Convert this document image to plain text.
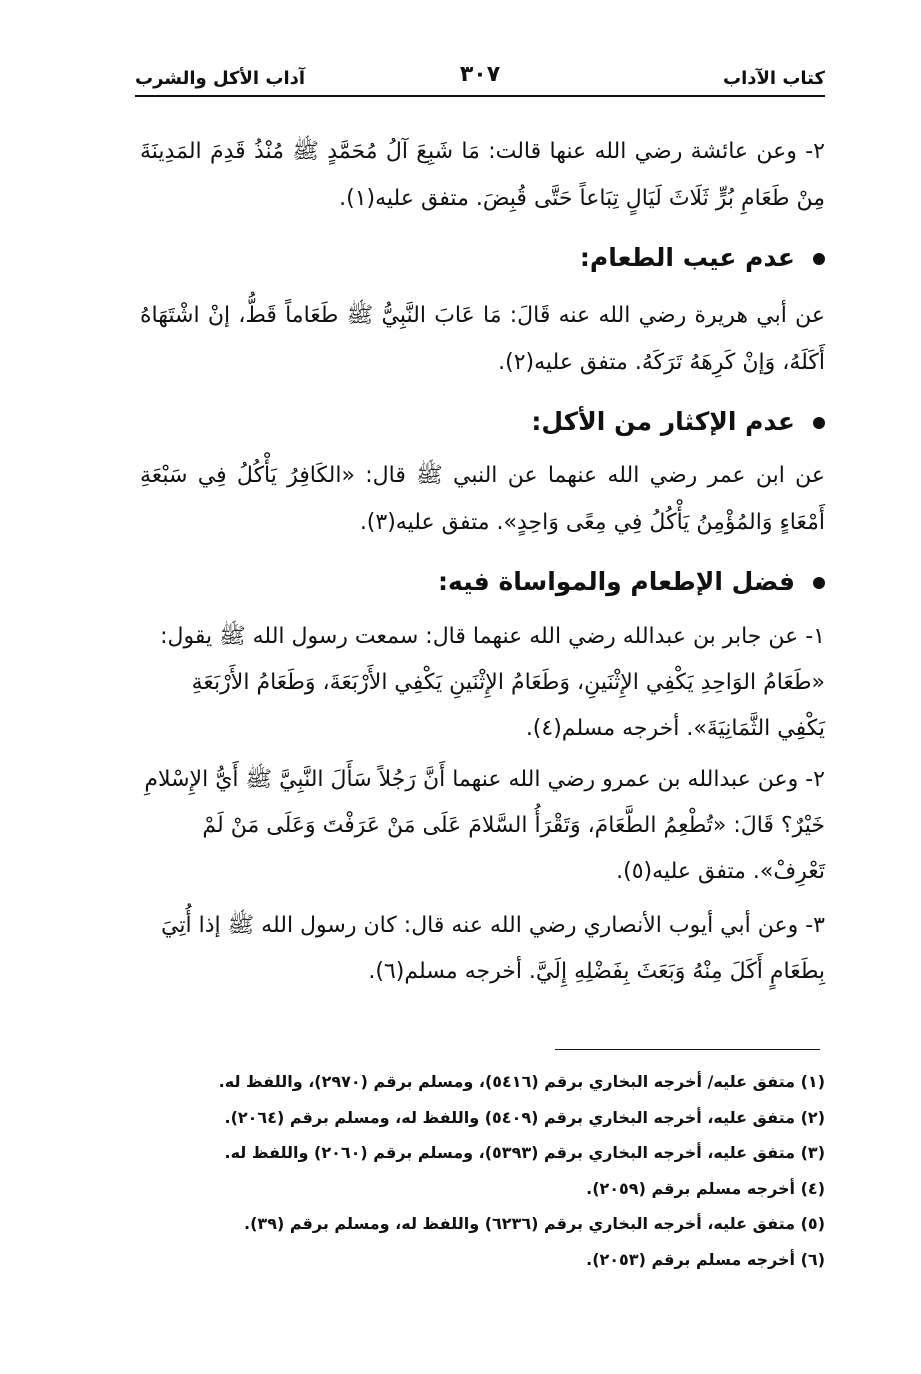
كتاب الآداب
٣٠٧
آداب الأكل والشرب
٢- وعن عائشة رضي الله عنها قالت: مَا شَبِعَ آلُ مُحَمَّدٍ ﷺ مُنْذُ قَدِمَ المَدِينَةَ مِنْ طَعَامِ بُرٍّ ثَلَاثَ لَيَالٍ تِبَاعاً حَتَّى قُبِضَ. متفق عليه(١).
عدم عيب الطعام:
عن أبي هريرة رضي الله عنه قَالَ: مَا عَابَ النَّبِيُّ ﷺ طَعَاماً قَطُّ، إنْ اشْتَهَاهُ أَكَلَهُ، وَإنْ كَرِهَهُ تَرَكَهُ. متفق عليه(٢).
عدم الإكثار من الأكل:
عن ابن عمر رضي الله عنهما عن النبي ﷺ قال: «الكَافِرُ يَأْكُلُ فِي سَبْعَةِ أَمْعَاءٍ وَالمُؤْمِنُ يَأْكُلُ فِي مِعًى وَاحِدٍ». متفق عليه(٣).
فضل الإطعام والمواساة فيه:
١- عن جابر بن عبدالله رضي الله عنهما قال: سمعت رسول الله ﷺ يقول: «طَعَامُ الوَاحِدِ يَكْفِي الإِثْنَينِ، وَطَعَامُ الإِثْنَينِ يَكْفِي الأَرْبَعَةَ، وَطَعَامُ الأَرْبَعَةِ يَكْفِي الثَّمَانِيَةَ». أخرجه مسلم(٤).
٢- وعن عبدالله بن عمرو رضي الله عنهما أَنَّ رَجُلاً سَأَلَ النَّبِيَّ ﷺ أَيُّ الإِسْلامِ خَيْرٌ؟ قَالَ: «تُطْعِمُ الطَّعَامَ، وَتَقْرَأُ السَّلامَ عَلَى مَنْ عَرَفْتَ وَعَلَى مَنْ لَمْ تَعْرِفْ». متفق عليه(٥).
٣- وعن أبي أيوب الأنصاري رضي الله عنه قال: كان رسول الله ﷺ إذا أُتِيَ بِطَعَامٍ أَكَلَ مِنْهُ وَبَعَثَ بِفَضْلِهِ إِلَيَّ. أخرجه مسلم(٦).
(١) متفق عليه/ أخرجه البخاري برقم (٥٤١٦)، ومسلم برقم (٢٩٧٠)، واللفظ له.
(٢) متفق عليه، أخرجه البخاري برقم (٥٤٠٩) واللفظ له، ومسلم برقم (٢٠٦٤).
(٣) متفق عليه، أخرجه البخاري برقم (٥٣٩٣)، ومسلم برقم (٢٠٦٠) واللفظ له.
(٤) أخرجه مسلم برقم (٢٠٥٩).
(٥) متفق عليه، أخرجه البخاري برقم (٦٢٣٦) واللفظ له، ومسلم برقم (٣٩).
(٦) أخرجه مسلم برقم (٢٠٥٣).
